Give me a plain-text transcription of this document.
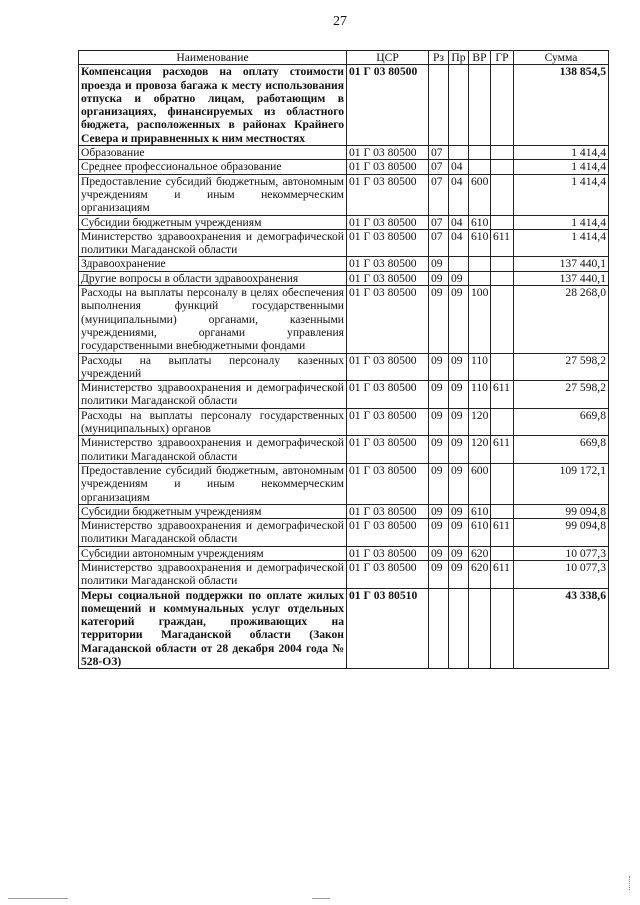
27
Наименование	ЦСР	Рз	Пр	ВР	ГР	Сумма
Компенсация расходов на оплату стоимости проезда и провоза багажа к месту использования отпуска и обратно лицам, работающим в организациях, финансируемых из областного бюджета, расположенных в районах Крайнего Севера и приравненных к ним местностях	01 Г 03 80500					138 854,5
Образование	01 Г 03 80500	07				1 414,4
Среднее профессиональное образование	01 Г 03 80500	07	04			1 414,4
Предоставление субсидий бюджетным, автономным учреждениям и иным некоммерческим организациям	01 Г 03 80500	07	04	600		1 414,4
Субсидии бюджетным учреждениям	01 Г 03 80500	07	04	610		1 414,4
Министерство здравоохранения и демографической политики Магаданской области	01 Г 03 80500	07	04	610	611	1 414,4
Здравоохранение	01 Г 03 80500	09				137 440,1
Другие вопросы в области здравоохранения	01 Г 03 80500	09	09			137 440,1
Расходы на выплаты персоналу в целях обеспечения выполнения функций государственными (муниципальными) органами, казенными учреждениями, органами управления государственными внебюджетными фондами	01 Г 03 80500	09	09	100		28 268,0
Расходы на выплаты персоналу казенных учреждений	01 Г 03 80500	09	09	110		27 598,2
Министерство здравоохранения и демографической политики Магаданской области	01 Г 03 80500	09	09	110	611	27 598,2
Расходы на выплаты персоналу государственных (муниципальных) органов	01 Г 03 80500	09	09	120		669,8
Министерство здравоохранения и демографической политики Магаданской области	01 Г 03 80500	09	09	120	611	669,8
Предоставление субсидий бюджетным, автономным учреждениям и иным некоммерческим организациям	01 Г 03 80500	09	09	600		109 172,1
Субсидии бюджетным учреждениям	01 Г 03 80500	09	09	610		99 094,8
Министерство здравоохранения и демографической политики Магаданской области	01 Г 03 80500	09	09	610	611	99 094,8
Субсидии автономным учреждениям	01 Г 03 80500	09	09	620		10 077,3
Министерство здравоохранения и демографической политики Магаданской области	01 Г 03 80500	09	09	620	611	10 077,3
Меры социальной поддержки по оплате жилых помещений и коммунальных услуг отдельных категорий граждан, проживающих на территории Магаданской области (Закон Магаданской области от 28 декабря 2004 года № 528-ОЗ)	01 Г 03 80510					43 338,6
